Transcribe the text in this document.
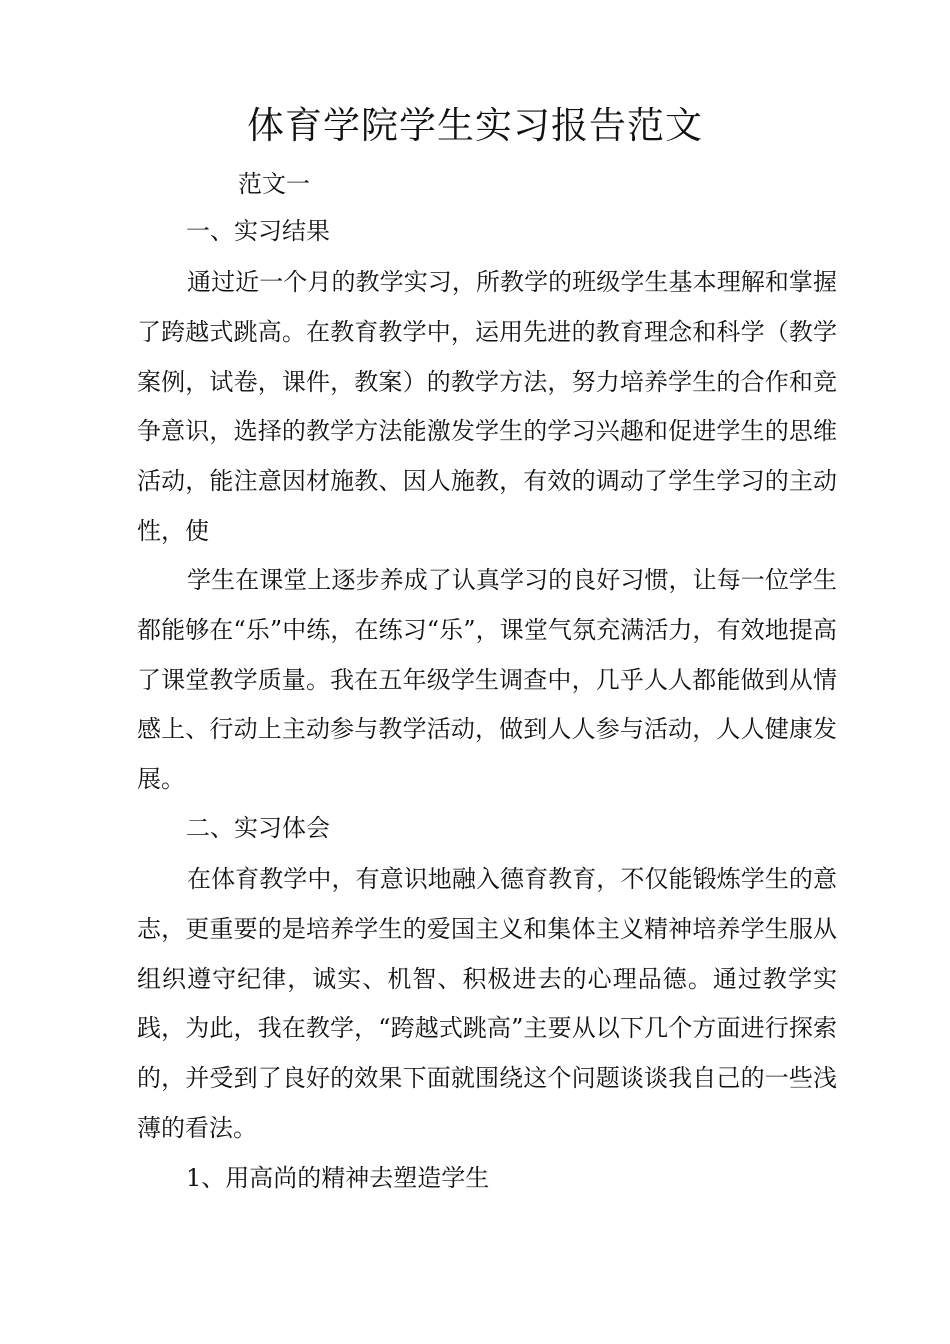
体育学院学生实习报告范文
范文一
一、实习结果

通过近一个月的教学实习，所教学的班级学生基本理解和掌握了跨越式跳高。在教育教学中，运用先进的教育理念和科学（教学案例，试卷，课件，教案）的教学方法，努力培养学生的合作和竞争意识，选择的教学方法能激发学生的学习兴趣和促进学生的思维活动，能注意因材施教、因人施教，有效的调动了学生学习的主动性，使

学生在课堂上逐步养成了认真学习的良好习惯，让每一位学生都能够在“乐”中练，在练习“乐”，课堂气氛充满活力，有效地提高了课堂教学质量。我在五年级学生调查中，几乎人人都能做到从情感上、行动上主动参与教学活动，做到人人参与活动，人人健康发展。

二、实习体会

在体育教学中，有意识地融入德育教育，不仅能锻炼学生的意志，更重要的是培养学生的爱国主义和集体主义精神培养学生服从组织遵守纪律，诚实、机智、积极进去的心理品德。通过教学实践，为此，我在教学，“跨越式跳高”主要从以下几个方面进行探索的，并受到了良好的效果下面就围绕这个问题谈谈我自己的一些浅薄的看法。

1、用高尚的精神去塑造学生
